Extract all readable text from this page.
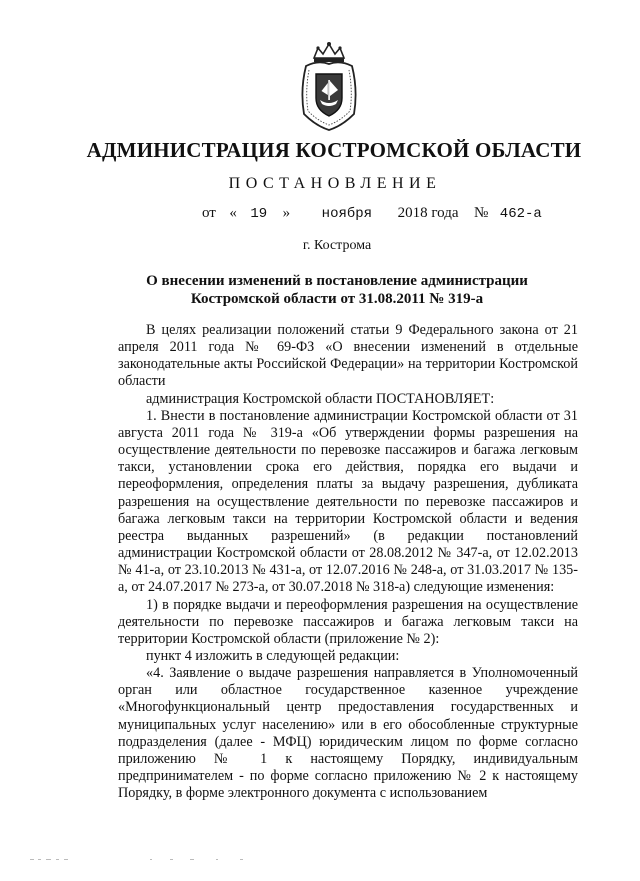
АДМИНИСТРАЦИЯ КОСТРОМСКОЙ ОБЛАСТИ
ПОСТАНОВЛЕНИЕ
от « 19 » ноября 2018 года № 462-а
г. Кострома
О внесении изменений в постановление администрации
Костромской области от 31.08.2011 № 319-а

В целях реализации положений статьи 9 Федерального закона от 21 апреля 2011 года № 69-ФЗ «О внесении изменений в отдельные законодательные акты Российской Федерации» на территории Костромской области

администрация Костромской области ПОСТАНОВЛЯЕТ:

1. Внести в постановление администрации Костромской области от 31 августа 2011 года № 319-а «Об утверждении формы разрешения на осуществление деятельности по перевозке пассажиров и багажа легковым такси, установлении срока его действия, порядка его выдачи и переоформления, определения платы за выдачу разрешения, дубликата разрешения на осуществление деятельности по перевозке пассажиров и багажа легковым такси на территории Костромской области и ведения реестра выданных разрешений» (в редакции постановлений администрации Костромской области от 28.08.2012 № 347-а, от 12.02.2013 № 41-а, от 23.10.2013 № 431-а, от 12.07.2016 № 248-а, от 31.03.2017 № 135-а, от 24.07.2017 № 273-а, от 30.07.2018 № 318-а) следующие изменения:

1) в порядке выдачи и переоформления разрешения на осуществление деятельности по перевозке пассажиров и багажа легковым такси на территории Костромской области (приложение № 2):

пункт 4 изложить в следующей редакции:

«4. Заявление о выдаче разрешения направляется в Уполномоченный орган или областное государственное казенное учреждение «Многофункциональный центр предоставления государственных и муниципальных услуг населению» или в его обособленные структурные подразделения (далее - МФЦ) юридическим лицом по форме согласно приложению № 1 к настоящему Порядку, индивидуальным предпринимателем - по форме согласно приложению № 2 к настоящему Порядку, в форме электронного документа с использованием
